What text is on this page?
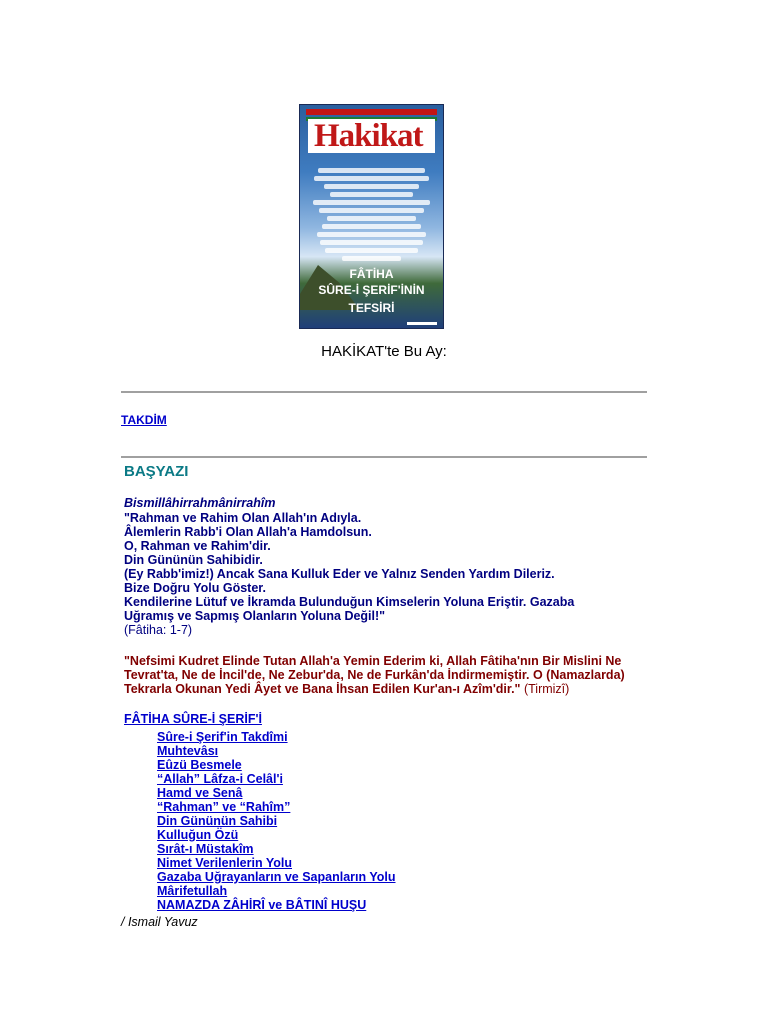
Hakikat
FÂTİHA
SÛRE-İ ŞERİF'İNİN
TEFSİRİ
HAKİKAT'te Bu Ay:
TAKDİM
BAŞYAZI
Bismillâhirrahmânirrahîm
"Rahman ve Rahim Olan Allah'ın Adıyla.
Âlemlerin Rabb'i Olan Allah'a Hamdolsun.
O, Rahman ve Rahim'dir.
Din Gününün Sahibidir.
(Ey Rabb'imiz!) Ancak Sana Kulluk Eder ve Yalnız Senden Yardım Dileriz.
Bize Doğru Yolu Göster.
Kendilerine Lütuf ve İkramda Bulunduğun Kimselerin Yoluna Eriştir. Gazaba
Uğramış ve Sapmış Olanların Yoluna Değil!"
(Fâtiha: 1-7)
"Nefsimi Kudret Elinde Tutan Allah'a Yemin Ederim ki, Allah Fâtiha'nın Bir Mislini Ne
Tevrat'ta, Ne de İncil'de, Ne Zebur'da, Ne de Furkân'da İndirmemiştir. O (Namazlarda)
Tekrarla Okunan Yedi Âyet ve Bana İhsan Edilen Kur'an-ı Azîm'dir." (Tirmizî)
FÂTİHA SÛRE-İ ŞERİF'İ
Sûre-i Şerif'in Takdîmi
Muhtevâsı
Eûzü Besmele
“Allah” Lâfza-i Celâl'i
Hamd ve Senâ
“Rahman” ve “Rahîm”
Din Gününün Sahibi
Kulluğun Özü
Sırât-ı Müstakîm
Nimet Verilenlerin Yolu
Gazaba Uğrayanların ve Sapanların Yolu
Mârifetullah
NAMAZDA ZÂHİRÎ ve BÂTINÎ HUŞU
/ Ismail Yavuz
